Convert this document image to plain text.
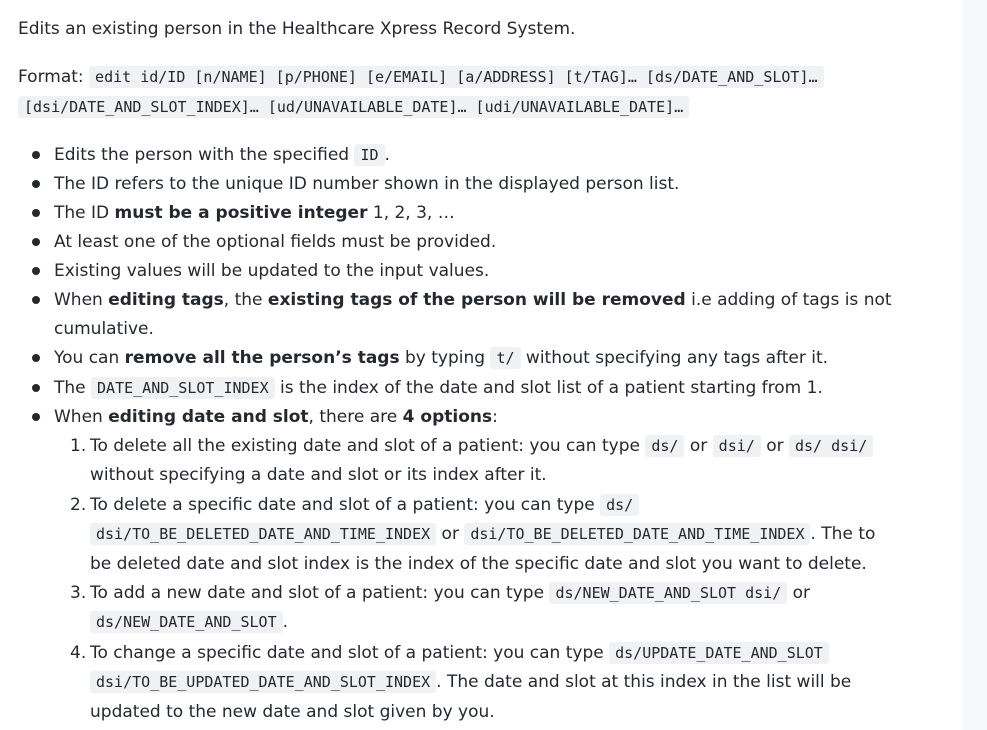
Edits an existing person in the Healthcare Xpress Record System.
Format: edit id/ID [n/NAME] [p/PHONE] [e/EMAIL] [a/ADDRESS] [t/TAG]… [ds/DATE_AND_SLOT]…
[dsi/DATE_AND_SLOT_INDEX]… [ud/UNAVAILABLE_DATE]… [udi/UNAVAILABLE_DATE]…
Edits the person with the specified ID .
The ID refers to the unique ID number shown in the displayed person list.
The ID must be a positive integer 1, 2, 3, …
At least one of the optional fields must be provided.
Existing values will be updated to the input values.
When editing tags, the existing tags of the person will be removed i.e adding of tags is not
cumulative.
You can remove all the person’s tags by typing t/ without specifying any tags after it.
The DATE_AND_SLOT_INDEX is the index of the date and slot list of a patient starting from 1.
When editing date and slot, there are 4 options:
1. To delete all the existing date and slot of a patient: you can type ds/ or dsi/ or ds/ dsi/
without specifying a date and slot or its index after it.
2. To delete a specific date and slot of a patient: you can type ds/
dsi/TO_BE_DELETED_DATE_AND_TIME_INDEX or dsi/TO_BE_DELETED_DATE_AND_TIME_INDEX . The to
be deleted date and slot index is the index of the specific date and slot you want to delete.
3. To add a new date and slot of a patient: you can type ds/NEW_DATE_AND_SLOT dsi/ or
ds/NEW_DATE_AND_SLOT .
4. To change a specific date and slot of a patient: you can type ds/UPDATE_DATE_AND_SLOT
dsi/TO_BE_UPDATED_DATE_AND_SLOT_INDEX . The date and slot at this index in the list will be
updated to the new date and slot given by you.
